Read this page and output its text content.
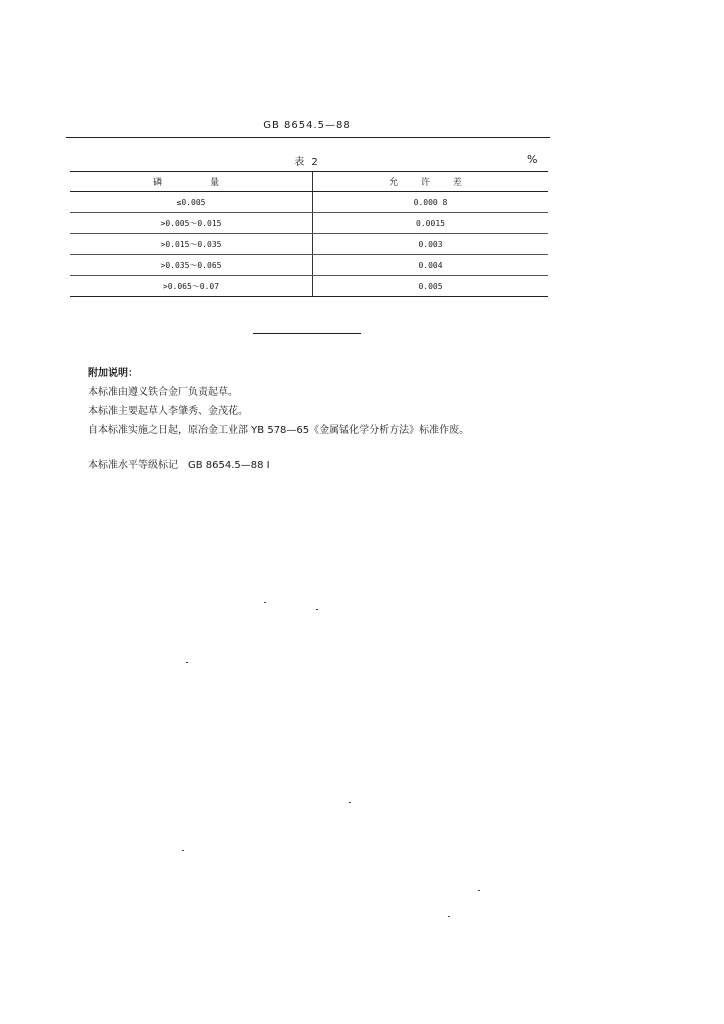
GB 8654.5—88
表 2	%
磷　　量	允 许 差
≤0.005	0.000 8
>0.005～0.015	0.0015
>0.015～0.035	0.003
>0.035～0.065	0.004
>0.065～0.07	0.005
附加说明：
本标准由遵义铁合金厂负责起草。
本标准主要起草人李肇秀、金茂花。
自本标准实施之日起，原冶金工业部 YB 578—65《金属锰化学分析方法》标准作废。
本标准水平等级标记　GB 8654.5—88 I
